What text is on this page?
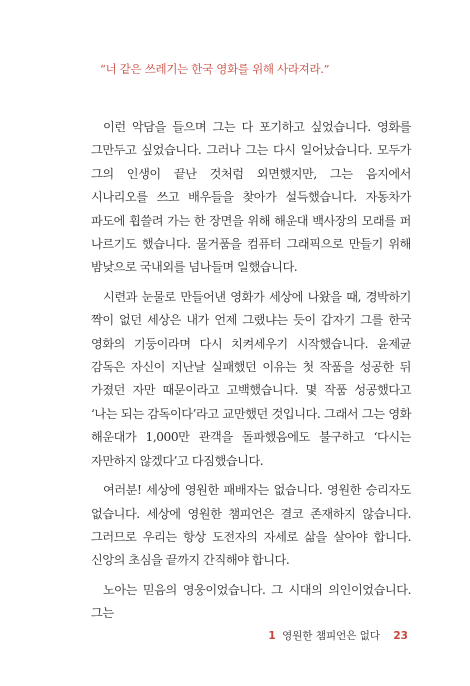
“너 같은 쓰레기는 한국 영화를 위해 사라져라.”

이런 악담을 들으며 그는 다 포기하고 싶었습니다. 영화를 그만두고 싶었습니다. 그러나 그는 다시 일어났습니다. 모두가 그의 인생이 끝난 것처럼 외면했지만, 그는 음지에서 시나리오를 쓰고 배우들을 찾아가 설득했습니다. 자동차가 파도에 휩쓸려 가는 한 장면을 위해 해운대 백사장의 모래를 퍼 나르기도 했습니다. 물거품을 컴퓨터 그래픽으로 만들기 위해 밤낮으로 국내외를 넘나들며 일했습니다.

시련과 눈물로 만들어낸 영화가 세상에 나왔을 때, 경박하기 짝이 없던 세상은 내가 언제 그랬냐는 듯이 갑자기 그를 한국 영화의 기둥이라며 다시 치켜세우기 시작했습니다. 윤제균 감독은 자신이 지난날 실패했던 이유는 첫 작품을 성공한 뒤 가졌던 자만 때문이라고 고백했습니다. 몇 작품 성공했다고 ‘나는 되는 감독이다’라고 교만했던 것입니다. 그래서 그는 영화 해운대가 1,000만 관객을 돌파했음에도 불구하고 ‘다시는 자만하지 않겠다’고 다짐했습니다.

여러분! 세상에 영원한 패배자는 없습니다. 영원한 승리자도 없습니다. 세상에 영원한 챔피언은 결코 존재하지 않습니다. 그러므로 우리는 항상 도전자의 자세로 삶을 살아야 합니다. 신앙의 초심을 끝까지 간직해야 합니다.

노아는 믿음의 영웅이었습니다. 그 시대의 의인이었습니다. 그는

1 영원한 챔피언은 없다 23
